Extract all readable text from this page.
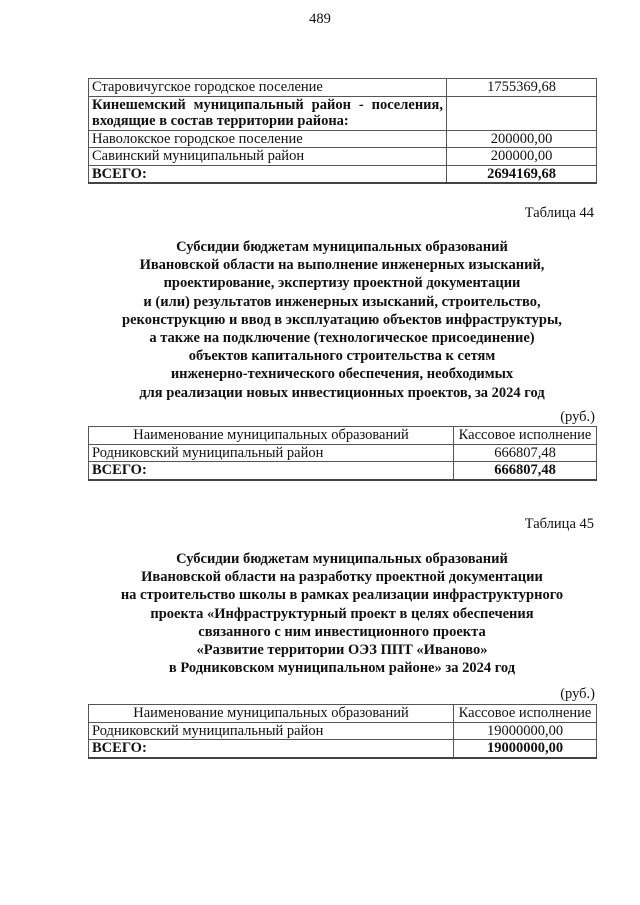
489
Старовичугское городское поселение	1755369,68
Кинешемский муниципальный район - поселения, входящие в состав территории района:	
Наволокское городское поселение	200000,00
Савинский муниципальный район	200000,00
ВСЕГО:	2694169,68
Таблица 44
Субсидии бюджетам муниципальных образований
Ивановской области на выполнение инженерных изысканий,
проектирование, экспертизу проектной документации
и (или) результатов инженерных изысканий, строительство,
реконструкцию и ввод в эксплуатацию объектов инфраструктуры,
а также на подключение (технологическое присоединение)
объектов капитального строительства к сетям
инженерно-технического обеспечения, необходимых
для реализации новых инвестиционных проектов, за 2024 год
(руб.)
Наименование муниципальных образований	Кассовое исполнение
Родниковский муниципальный район	666807,48
ВСЕГО:	666807,48
Таблица 45
Субсидии бюджетам муниципальных образований
Ивановской области на разработку проектной документации
на строительство школы в рамках реализации инфраструктурного
проекта «Инфраструктурный проект в целях обеспечения
связанного с ним инвестиционного проекта
«Развитие территории ОЭЗ ППТ «Иваново»
в Родниковском муниципальном районе» за 2024 год
(руб.)
Наименование муниципальных образований	Кассовое исполнение
Родниковский муниципальный район	19000000,00
ВСЕГО:	19000000,00
